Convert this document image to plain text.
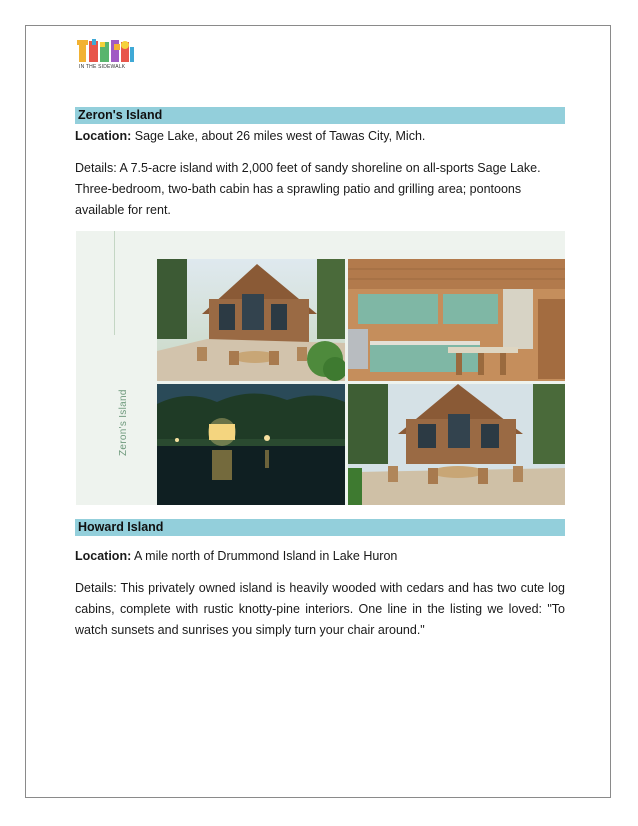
IN THE SIDEWALK
Zeron's Island

Location: Sage Lake, about 26 miles west of Tawas City, Mich.

Details: A 7.5-acre island with 2,000 feet of sandy shoreline on all-sports Sage Lake. Three-bedroom, two-bath cabin has a sprawling patio and grilling area; pontoons available for rent.

Zeron's Island
Howard Island

Location: A mile north of Drummond Island in Lake Huron

Details: This privately owned island is heavily wooded with cedars and has two cute log cabins, complete with rustic knotty-pine interiors. One line in the listing we loved: "To watch sunsets and sunrises you simply turn your chair around."
